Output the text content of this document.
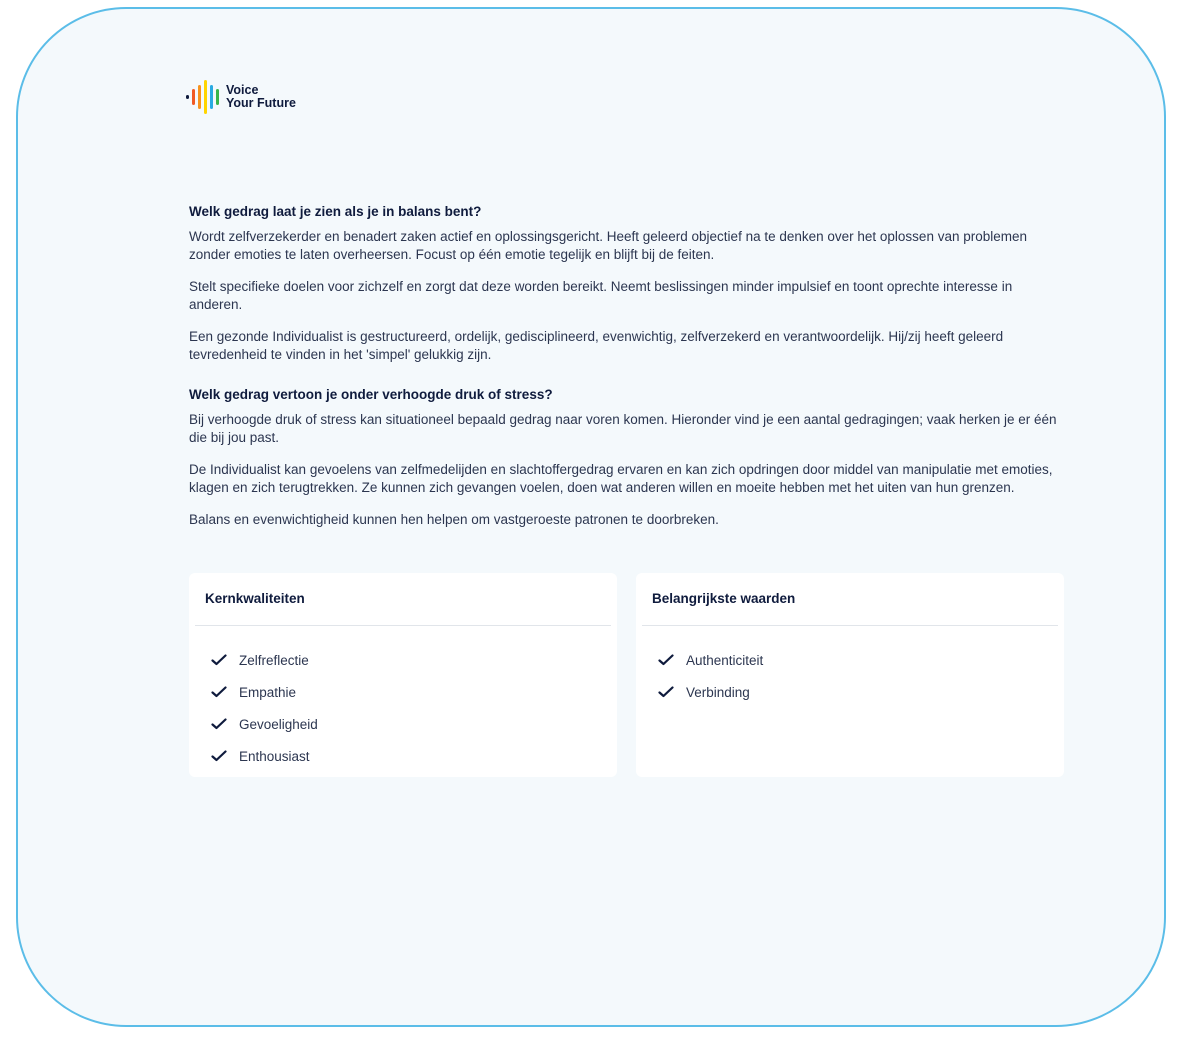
Voice
Your Future
Welk gedrag laat je zien als je in balans bent?

Wordt zelfverzekerder en benadert zaken actief en oplossingsgericht. Heeft geleerd objectief na te denken over het oplossen van problemen zonder emoties te laten overheersen. Focust op één emotie tegelijk en blijft bij de feiten.

Stelt specifieke doelen voor zichzelf en zorgt dat deze worden bereikt. Neemt beslissingen minder impulsief en toont oprechte interesse in anderen.

Een gezonde Individualist is gestructureerd, ordelijk, gedisciplineerd, evenwichtig, zelfverzekerd en verantwoordelijk. Hij/zij heeft geleerd tevredenheid te vinden in het 'simpel' gelukkig zijn.

Welk gedrag vertoon je onder verhoogde druk of stress?

Bij verhoogde druk of stress kan situationeel bepaald gedrag naar voren komen. Hieronder vind je een aantal gedragingen; vaak herken je er één die bij jou past.

De Individualist kan gevoelens van zelfmedelijden en slachtoffergedrag ervaren en kan zich opdringen door middel van manipulatie met emoties, klagen en zich terugtrekken. Ze kunnen zich gevangen voelen, doen wat anderen willen en moeite hebben met het uiten van hun grenzen.

Balans en evenwichtigheid kunnen hen helpen om vastgeroeste patronen te doorbreken.

Kernkwaliteiten
Zelfreflectie
Empathie
Gevoeligheid
Enthousiast
Belangrijkste waarden
Authenticiteit
Verbinding
